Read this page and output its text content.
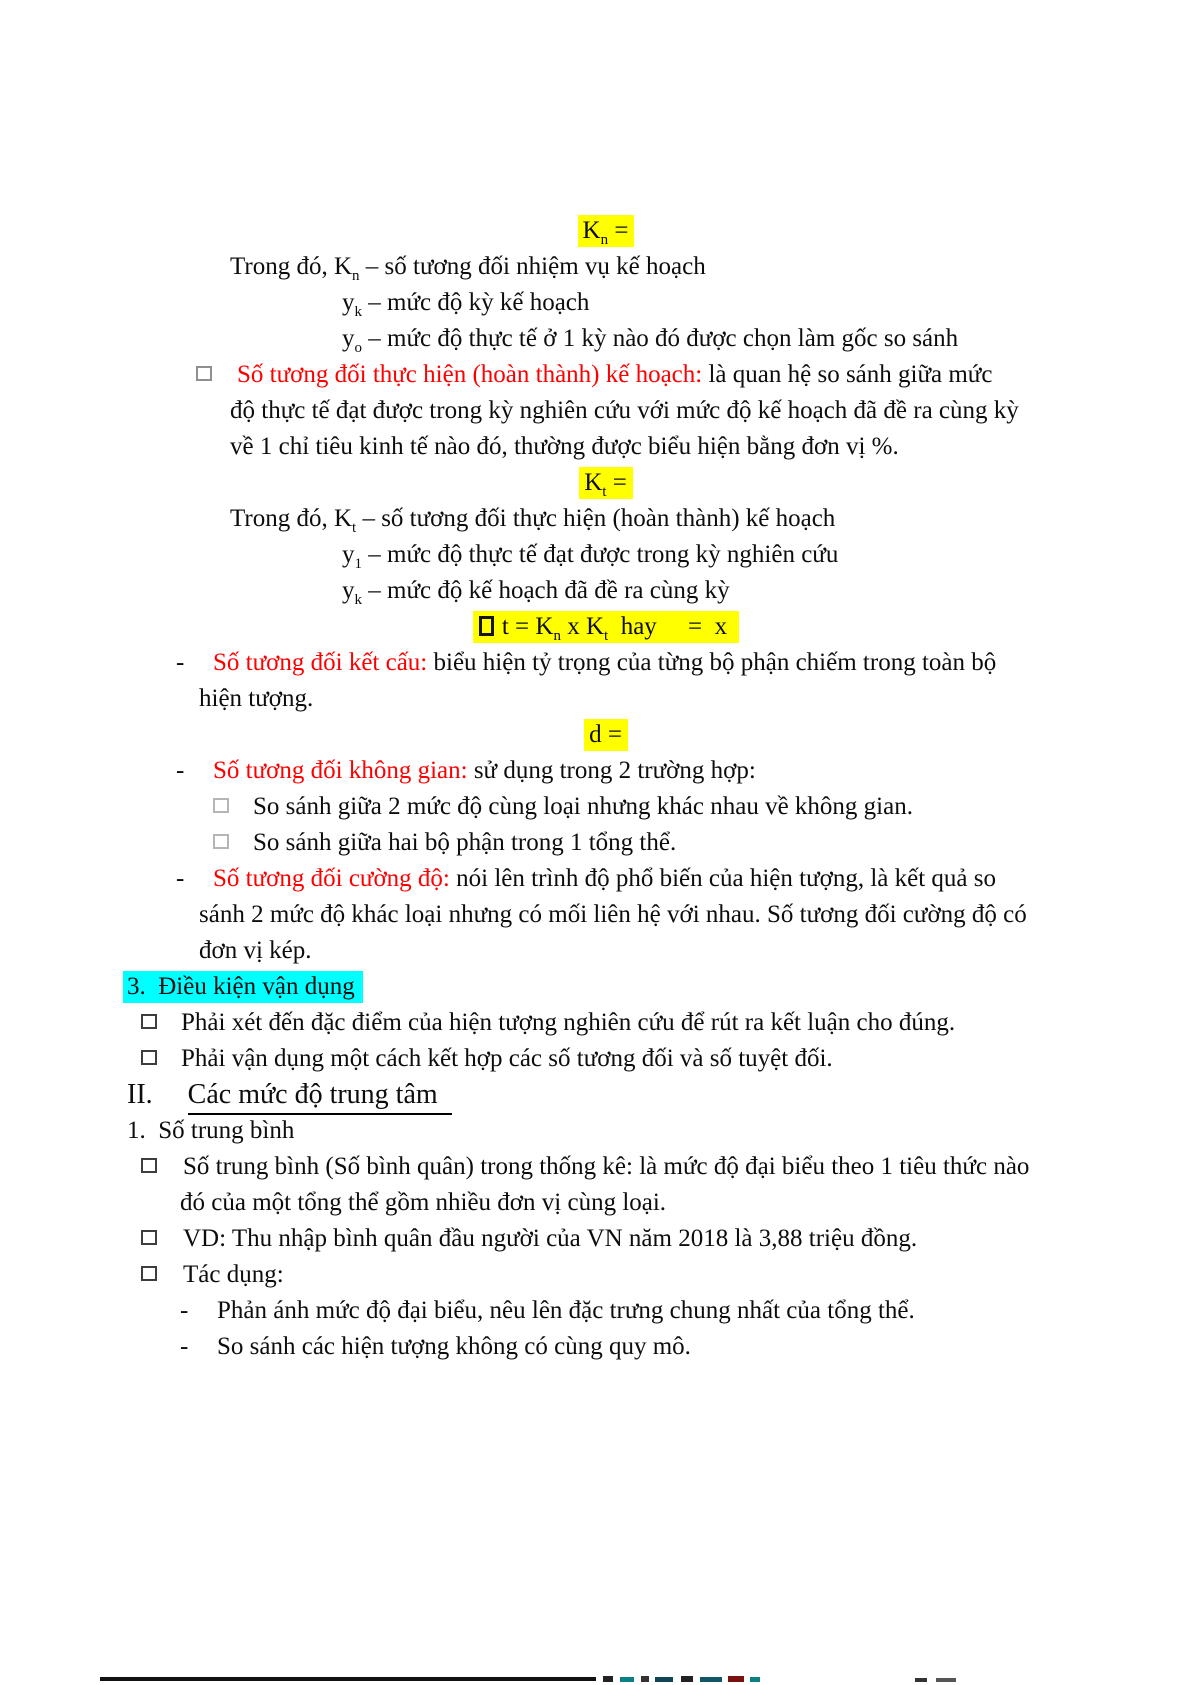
$K_n$ =
Trong đó, $K_n$ – số tương đối nhiệm vụ kế hoạch
$y_k$ – mức độ kỳ kế hoạch
$y_o$ – mức độ thực tế ở 1 kỳ nào đó được chọn làm gốc so sánh
Số tương đối thực hiện (hoàn thành) kế hoạch: là quan hệ so sánh giữa mức
độ thực tế đạt được trong kỳ nghiên cứu với mức độ kế hoạch đã đề ra cùng kỳ
về 1 chỉ tiêu kinh tế nào đó, thường được biểu hiện bằng đơn vị %.
$K_t$ =
Trong đó, $K_t$ – số tương đối thực hiện (hoàn thành) kế hoạch
$y_1$ – mức độ thực tế đạt được trong kỳ nghiên cứu
$y_k$ – mức độ kế hoạch đã đề ra cùng kỳ
$t = K_n$ x $K_t$  hay     =  x
- Số tương đối kết cấu: biểu hiện tỷ trọng của từng bộ phận chiếm trong toàn bộ
hiện tượng.
d =
- Số tương đối không gian: sử dụng trong 2 trường hợp:
So sánh giữa 2 mức độ cùng loại nhưng khác nhau về không gian.
So sánh giữa hai bộ phận trong 1 tổng thể.
- Số tương đối cường độ: nói lên trình độ phổ biến của hiện tượng, là kết quả so
sánh 2 mức độ khác loại nhưng có mối liên hệ với nhau. Số tương đối cường độ có
đơn vị kép.
3.  Điều kiện vận dụng
Phải xét đến đặc điểm của hiện tượng nghiên cứu để rút ra kết luận cho đúng.
Phải vận dụng một cách kết hợp các số tương đối và số tuyệt đối.
II.     Các mức độ trung tâm
1.  Số trung bình
Số trung bình (Số bình quân) trong thống kê: là mức độ đại biểu theo 1 tiêu thức nào
đó của một tổng thể gồm nhiều đơn vị cùng loại.
VD: Thu nhập bình quân đầu người của VN năm 2018 là 3,88 triệu đồng.
Tác dụng:
- Phản ánh mức độ đại biểu, nêu lên đặc trưng chung nhất của tổng thể.
- So sánh các hiện tượng không có cùng quy mô.
